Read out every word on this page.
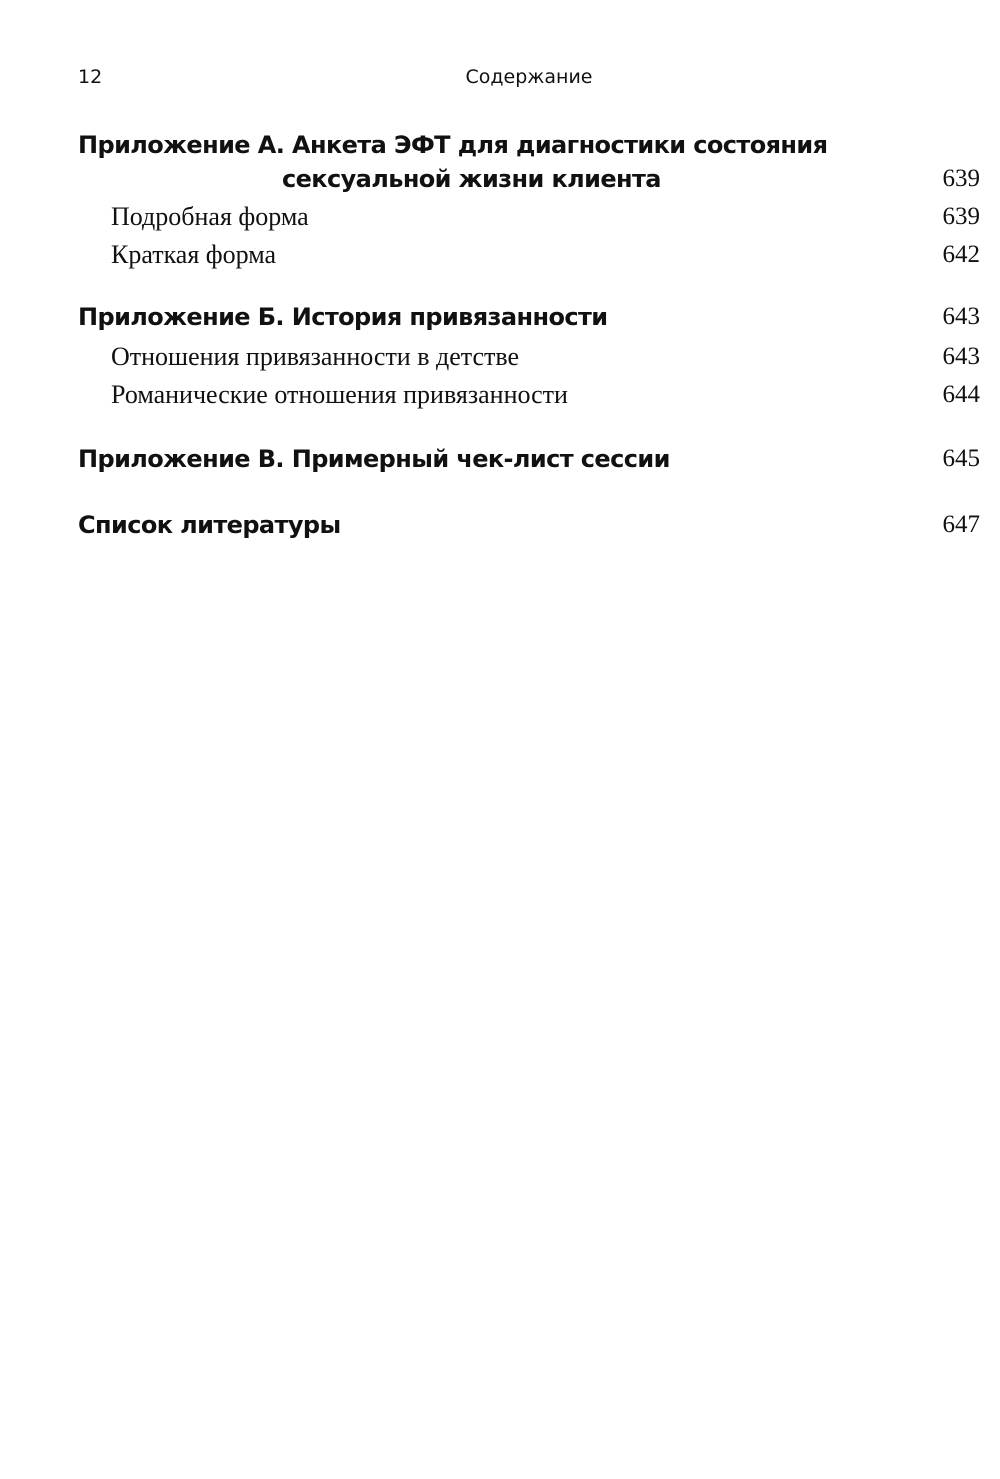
12	Содержание
Приложение А. Анкета ЭФТ для диагностики состояния
сексуальной жизни клиента	639
Подробная форма	639
Краткая форма	642
Приложение Б. История привязанности	643
Отношения привязанности в детстве	643
Романические отношения привязанности	644
Приложение В. Примерный чек-лист сессии	645
Список литературы	647
